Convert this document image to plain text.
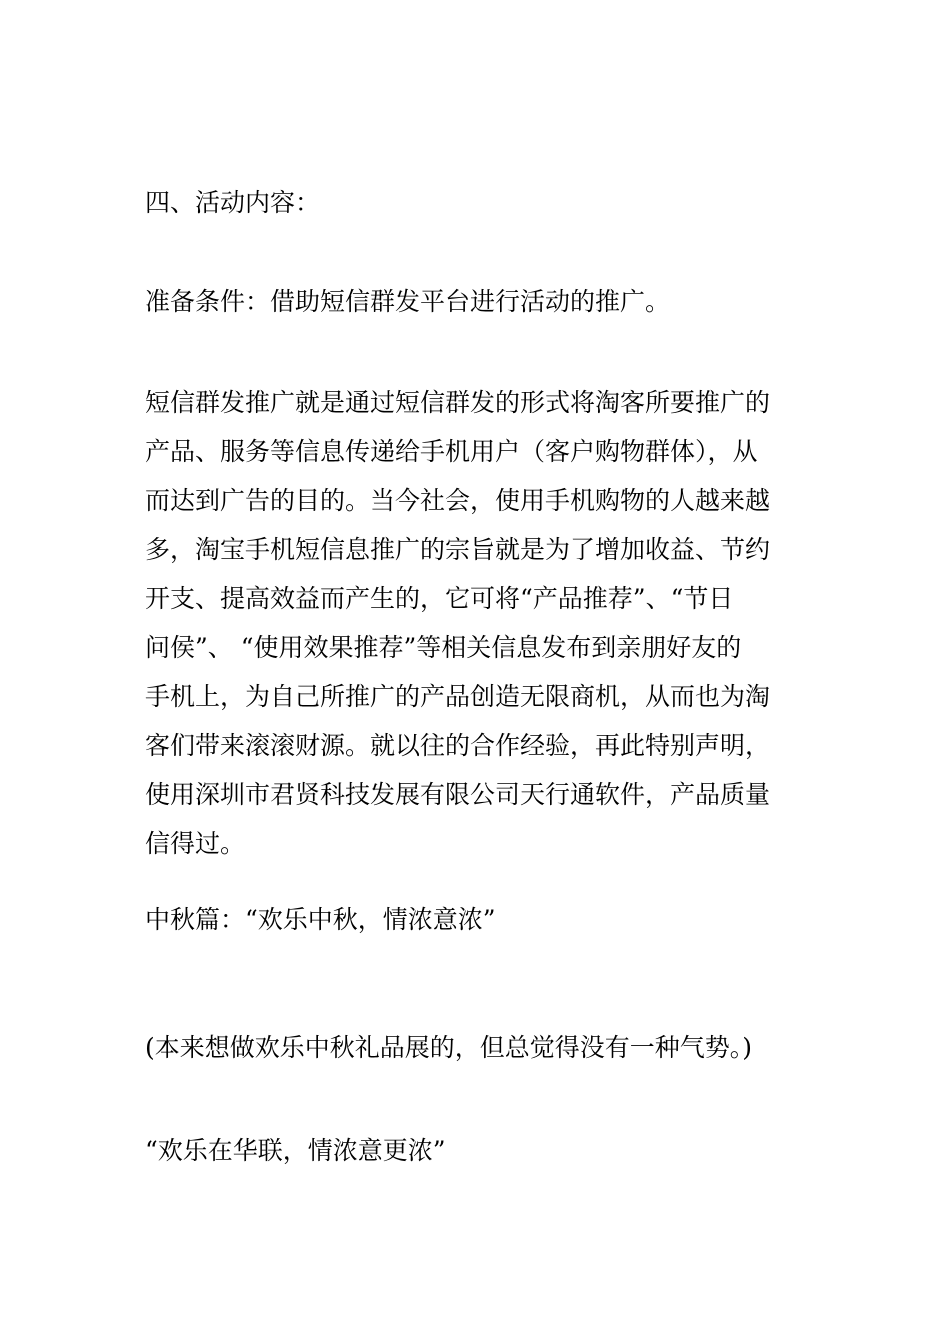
四、活动内容：
准备条件：借助短信群发平台进行活动的推广。
短信群发推广就是通过短信群发的形式将淘客所要推广的
产品、服务等信息传递给手机用户（客户购物群体），从
而达到广告的目的。当今社会，使用手机购物的人越来越
多，淘宝手机短信息推广的宗旨就是为了增加收益、节约
开支、提高效益而产生的，它可将“产品推荐”、“节日
问侯”、 “使用效果推荐”等相关信息发布到亲朋好友的
手机上，为自己所推广的产品创造无限商机，从而也为淘
客们带来滚滚财源。就以往的合作经验，再此特别声明，
使用深圳市君贤科技发展有限公司天行通软件，产品质量
信得过。
中秋篇：“欢乐中秋，情浓意浓”
(本来想做欢乐中秋礼品展的，但总觉得没有一种气势。)
“欢乐在华联，情浓意更浓”
